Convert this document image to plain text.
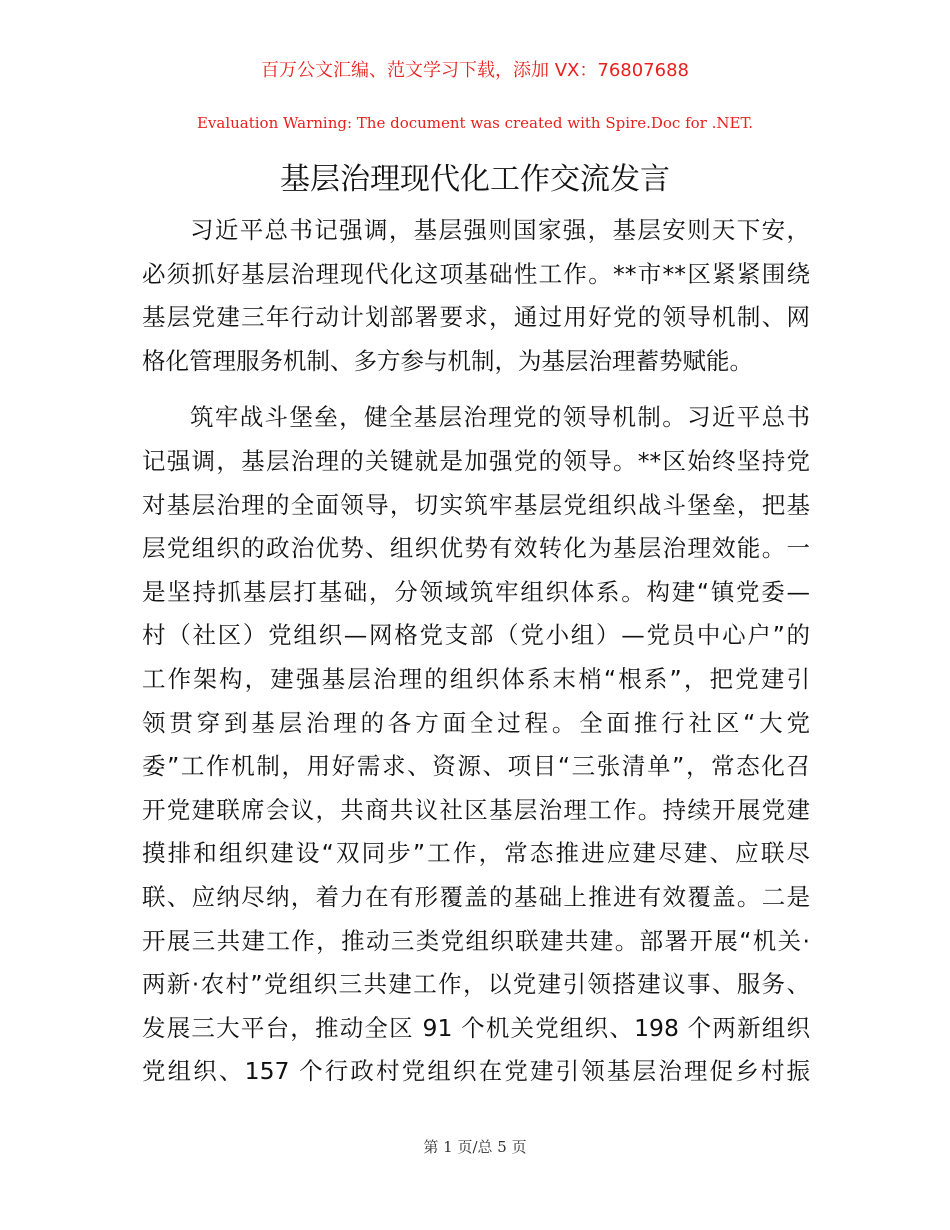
百万公文汇编、范文学习下载，添加 VX：76807688
Evaluation Warning: The document was created with Spire.Doc for .NET.
基层治理现代化工作交流发言
习近平总书记强调，基层强则国家强，基层安则天下安，
必须抓好基层治理现代化这项基础性工作。**市**区紧紧围绕
基层党建三年行动计划部署要求，通过用好党的领导机制、网
格化管理服务机制、多方参与机制，为基层治理蓄势赋能。
筑牢战斗堡垒，健全基层治理党的领导机制。习近平总书
记强调，基层治理的关键就是加强党的领导。**区始终坚持党
对基层治理的全面领导，切实筑牢基层党组织战斗堡垒，把基
层党组织的政治优势、组织优势有效转化为基层治理效能。一
是坚持抓基层打基础，分领域筑牢组织体系。构建“镇党委—
村（社区）党组织—网格党支部（党小组）—党员中心户”的
工作架构，建强基层治理的组织体系末梢“根系”，把党建引
领贯穿到基层治理的各方面全过程。全面推行社区“大党
委”工作机制，用好需求、资源、项目“三张清单”，常态化召
开党建联席会议，共商共议社区基层治理工作。持续开展党建
摸排和组织建设“双同步”工作，常态推进应建尽建、应联尽
联、应纳尽纳，着力在有形覆盖的基础上推进有效覆盖。二是
开展三共建工作，推动三类党组织联建共建。部署开展“机关·
两新·农村”党组织三共建工作，以党建引领搭建议事、服务、
发展三大平台，推动全区 91 个机关党组织、198 个两新组织
党组织、157 个行政村党组织在党建引领基层治理促乡村振
第 1 页/总 5 页
